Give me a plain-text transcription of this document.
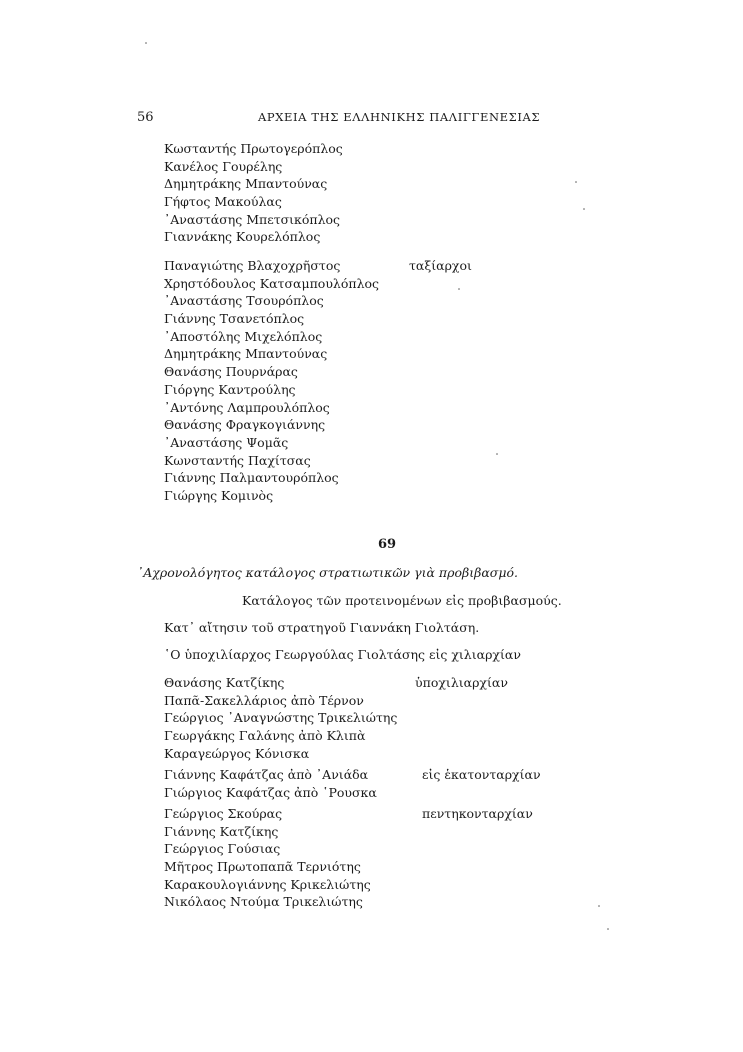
56	ΑΡΧΕΙΑ ΤΗΣ ΕΛΛΗΝΙΚΗΣ ΠΑΛΙΓΓΕΝΕΣΙΑΣ
Κωσταντής Πρωτογερόπλος
Κανέλος Γουρέλης
Δημητράκης Μπαντούνας
Γήφτος Μακούλας
᾿Αναστάσης Μπετσικόπλος
Γιαννάκης Κουρελόπλος
Παναγιώτης Βλαχοχρῆστος	ταξίαρχοι
Χρηστόδουλος Κατσαμπουλόπλος
᾿Αναστάσης Τσουρόπλος
Γιάννης Τσανετόπλος
᾿Αποστόλης Μιχελόπλος
Δημητράκης Μπαντούνας
Θανάσης Πουρνάρας
Γιόργης Καντρούλης
᾿Αντόνης Λαμπρουλόπλος
Θανάσης Φραγκογιάννης
᾿Αναστάσης Ψομᾶς
Κωνσταντής Παχίτσας
Γιάννης Παλμαντουρόπλος
Γιώργης Κομινὸς
69
᾿Αχρονολόγητος κατάλογος στρατιωτικῶν γιὰ προβιβασμό.
Κατάλογος τῶν προτεινομένων εἰς προβιβασμούς.
Κατ᾿ αἴτησιν τοῦ στρατηγοῦ Γιαννάκη Γιολτάση.
῾Ο ὑποχιλίαρχος Γεωργούλας Γιολτάσης εἰς χιλιαρχίαν
Θανάσης Κατζίκης	ὑποχιλιαρχίαν
Παπᾶ-Σακελλάριος ἀπὸ Τέρνον
Γεώργιος ᾿Αναγνώστης Τρικελιώτης
Γεωργάκης Γαλάνης ἀπὸ Κλιπὰ
Καραγεώργος Κόνισκα
Γιάννης Καφάτζας ἀπὸ ᾿Ανιάδα	εἰς ἑκατονταρχίαν
Γιώργιος Καφάτζας ἀπὸ ῾Ρουσκα
Γεώργιος Σκούρας	πεντηκονταρχίαν
Γιάννης Κατζίκης
Γεώργιος Γούσιας
Μῆτρος Πρωτοπαπᾶ Τερνιότης
Καρακουλογιάννης Κρικελιώτης
Νικόλαος Ντούμα Τρικελιώτης
